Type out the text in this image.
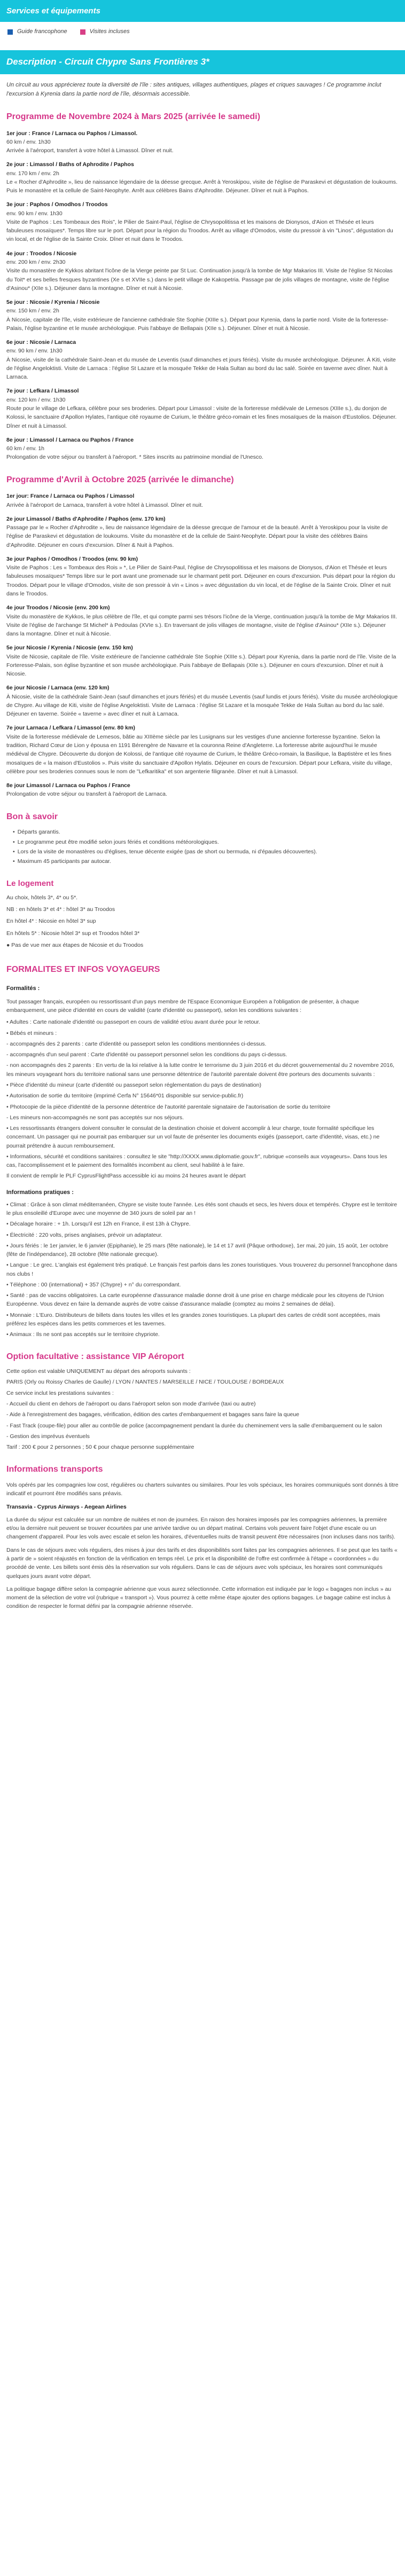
Services et équipements
Guide francophone	Visites incluses
Description - Circuit Chypre Sans Frontières 3*

Un circuit au vous apprécierez toute la diversité de l'île : sites antiques, villages authentiques, plages et criques sauvages ! Ce programme inclut l'excursion à Kyrenia dans la partie nord de l'île, désormais accessible.

Programme de Novembre 2024 à Mars 2025 (arrivée le samedi)
1er jour : France / Larnaca ou Paphos / Limassol.
60 km / env. 1h30
Arrivée à l'aéroport, transfert à votre hôtel à Limassol. Dîner et nuit.
2e jour : Limassol / Baths of Aphrodite / Paphos
env. 170 km / env. 2h
Le « Rocher d'Aphrodite », lieu de naissance légendaire de la déesse grecque. Arrêt à Yeroskipou, visite de l'église de Paraskevi et dégustation de loukoums. Puis le monastère et la cellule de Saint-Neophyte. Arrêt aux célèbres Bains d'Aphrodite. Déjeuner. Dîner et nuit à Paphos.
3e jour : Paphos / Omodhos / Troodos
env. 90 km / env. 1h30
Visite de Paphos : Les Tombeaux des Rois", le Pilier de Saint-Paul, l'église de Chrysopolitissa et les maisons de Dionysos, d'Aion et Thésée et leurs fabuleuses mosaïques*. Temps libre sur le port. Départ pour la région du Troodos. Arrêt au village d'Omodos, visite du pressoir à vin "Linos", dégustation du vin local, et de l'église de la Sainte Croix. Dîner et nuit dans le Troodos.
4e jour : Troodos / Nicosie
env. 200 km / env. 2h30
Visite du monastère de Kykkos abritant l'icône de la Vierge peinte par St Luc. Continuation jusqu'à la tombe de Mgr Makarios III. Visite de l'église St Nicolas du Toit* et ses belles fresques byzantines (Xe s et XVIIe s.) dans le petit village de Kakopetria. Passage par de jolis villages de montagne, visite de l'église d'Asinou* (XIIe s.). Déjeuner dans la montagne. Dîner et nuit à Nicosie.
5e jour : Nicosie / Kyrenia / Nicosie
env. 150 km / env. 2h
À Nicosie, capitale de l'île, visite extérieure de l'ancienne cathédrale Ste Sophie (XIIIe s.). Départ pour Kyrenia, dans la partie nord. Visite de la forteresse-Palais, l'église byzantine et le musée archéologique. Puis l'abbaye de Bellapais (XIIe s.). Déjeuner. Dîner et nuit à Nicosie.
6e jour : Nicosie / Larnaca
env. 90 km / env. 1h30
À Nicosie, visite de la cathédrale Saint-Jean et du musée de Leventis (sauf dimanches et jours fériés). Visite du musée archéologique. Déjeuner. À Kiti, visite de l'église Angeloktisti. Visite de Larnaca : l'église St Lazare et la mosquée Tekke de Hala Sultan au bord du lac salé. Soirée en taverne avec dîner. Nuit à Larnaca.
7e jour : Lefkara / Limassol
env. 120 km / env. 1h30
Route pour le village de Lefkara, célèbre pour ses broderies. Départ pour Limassol : visite de la forteresse médiévale de Lemesos (XIIIe s.), du donjon de Kolossi, le sanctuaire d'Apollon Hylates, l'antique cité royaume de Curium, le théâtre gréco-romain et les fines mosaïques de la maison d'Eustolios. Déjeuner. Dîner et nuit à Limassol.
8e jour : Limassol / Larnaca ou Paphos / France
60 km / env. 1h
Prolongation de votre séjour ou transfert à l'aéroport. * Sites inscrits au patrimoine mondial de l'Unesco.
Programme d'Avril à Octobre 2025 (arrivée le dimanche)
1er jour: France / Larnaca ou Paphos / Limassol
Arrivée à l'aéroport de Larnaca, transfert à votre hôtel à Limassol. Dîner et nuit.
2e jour Limassol / Baths d'Aphrodite / Paphos (env. 170 km)
Passage par le « Rocher d'Aphrodite », lieu de naissance légendaire de la déesse grecque de l'amour et de la beauté. Arrêt à Yeroskipou pour la visite de l'église de Paraskevi et dégustation de loukoums. Visite du monastère et de la cellule de Saint-Neophyte. Départ pour la visite des célèbres Bains d'Aphrodite. Déjeuner en cours d'excursion. Dîner & Nuit à Paphos.
3e jour Paphos / Omodhos / Troodos (env. 90 km)
Visite de Paphos : Les « Tombeaux des Rois » *, Le Pilier de Saint-Paul, l'église de Chrysopolitissa et les maisons de Dionysos, d'Aion et Thésée et leurs fabuleuses mosaïques* Temps libre sur le port avant une promenade sur le charmant petit port. Déjeuner en cours d'excursion. Puis départ pour la région du Troodos. Départ pour le village d'Omodos, visite de son pressoir à vin « Linos » avec dégustation du vin local, et de l'église de la Sainte Croix. Dîner et nuit dans le Troodos.
4e jour Troodos / Nicosie (env. 200 km)
Visite du monastère de Kykkos, le plus célèbre de l'île, et qui compte parmi ses trésors l'icône de la Vierge, continuation jusqu'à la tombe de Mgr Makarios III. Visite de l'église de l'archange St Michel* à Pedoulas (XVIe s.). En traversant de jolis villages de montagne, visite de l'église d'Asinou* (XIIe s.). Déjeuner dans la montagne. Dîner et nuit à Nicosie.
5e jour Nicosie / Kyrenia / Nicosie (env. 150 km)
Visite de Nicosie, capitale de l'île. Visite extérieure de l'ancienne cathédrale Ste Sophie (XIIIe s.). Départ pour Kyrenia, dans la partie nord de l'île. Visite de la Forteresse-Palais, son église byzantine et son musée archéologique. Puis l'abbaye de Bellapais (XIIe s.). Déjeuner en cours d'excursion. Dîner et nuit à Nicosie.
6e jour Nicosie / Larnaca (env. 120 km)
À Nicosie, visite de la cathédrale Saint-Jean (sauf dimanches et jours fériés) et du musée Leventis (sauf lundis et jours fériés). Visite du musée archéologique de Chypre. Au village de Kiti, visite de l'église Angeloktisti. Visite de Larnaca : l'église St Lazare et la mosquée Tekke de Hala Sultan au bord du lac salé. Déjeuner en taverne. Soirée « taverne » avec dîner et nuit à Larnaca.
7e jour Larnaca / Lefkara / Limassol (env. 80 km)
Visite de la forteresse médiévale de Lemesos, bâtie au XIIIème siècle par les Lusignans sur les vestiges d'une ancienne forteresse byzantine. Selon la tradition, Richard Cœur de Lion y épousa en 1191 Bérengère de Navarre et la couronna Reine d'Angleterre. La forteresse abrite aujourd'hui le musée médiéval de Chypre. Découverte du donjon de Kolossi, de l'antique cité royaume de Curium, le théâtre Gréco-romain, la Basilique, la Baptistère et les fines mosaïques de « la maison d'Eustolios ». Puis visite du sanctuaire d'Apollon Hylatis. Déjeuner en cours de l'excursion. Départ pour Lefkara, visite du village, célèbre pour ses broderies connues sous le nom de "Lefkaritika" et son argenterie filigranée. Dîner et nuit à Limassol.
8e jour Limassol / Larnaca ou Paphos / France
Prolongation de votre séjour ou transfert à l'aéroport de Larnaca.
Bon à savoir
• Départs garantis.
• Le programme peut être modifié selon jours fériés et conditions météorologiques.
• Lors de la visite de monastères ou d'églises, tenue décente exigée (pas de short ou bermuda, ni d'épaules découvertes).
• Maximum 45 participants par autocar.
Le logement
Au choix, hôtels 3*, 4* ou 5*.
NB : en hôtels 3* et 4* : hôtel 3* au Troodos
En hôtel 4* : Nicosie en hôtel 3* sup
En hôtels 5* : Nicosie hôtel 3* sup et Troodos hôtel 3*
● Pas de vue mer aux étapes de Nicosie et du Troodos
FORMALITES ET INFOS VOYAGEURS
Formalités :

Tout passager français, européen ou ressortissant d'un pays membre de l'Espace Economique Européen a l'obligation de présenter, à chaque embarquement, une pièce d'identité en cours de validité (carte d'identité ou passeport), selon les conditions suivantes :

• Adultes : Carte nationale d'identité ou passeport en cours de validité et/ou avant durée pour le retour.
• Bébés et mineurs :
- accompagnés des 2 parents : carte d'identité ou passeport selon les conditions mentionnées ci-dessus.
- accompagnés d'un seul parent : Carte d'identité ou passeport personnel selon les conditions du pays ci-dessus.
- non accompagnés des 2 parents : En vertu de la loi relative à la lutte contre le terrorisme du 3 juin 2016 et du décret gouvernemental du 2 novembre 2016, les mineurs voyageant hors du territoire national sans une personne détentrice de l'autorité parentale doivent être porteurs des documents suivants :
• Pièce d'identité du mineur (carte d'identité ou passeport selon réglementation du pays de destination)
• Autorisation de sortie du territoire (imprimé Cerfa N° 15646*01 disponible sur service-public.fr)
• Photocopie de la pièce d'identité de la personne détentrice de l'autorité parentale signataire de l'autorisation de sortie du territoire
- Les mineurs non-accompagnés ne sont pas acceptés sur nos séjours.
• Les ressortissants étrangers doivent consulter le consulat de la destination choisie et doivent accomplir à leur charge, toute formalité spécifique les concernant. Un passager qui ne pourrait pas embarquer sur un vol faute de présenter les documents exigés (passeport, carte d'identité, visas, etc.) ne pourrait prétendre à aucun remboursement.
• Informations, sécurité et conditions sanitaires : consultez le site "http://XXXX.www.diplomatie.gouv.fr", rubrique «conseils aux voyageurs». Dans tous les cas, l'accomplissement et le paiement des formalités incombent au client, seul habilité à le faire.
Il convient de remplir le PLF CyprusFlightPass accessible ici au moins 24 heures avant le départ
Informations pratiques :
• Climat : Grâce à son climat méditerranéen, Chypre se visite toute l'année. Les étés sont chauds et secs, les hivers doux et tempérés. Chypre est le territoire le plus ensoleillé d'Europe avec une moyenne de 340 jours de soleil par an !
• Décalage horaire : + 1h. Lorsqu'il est 12h en France, il est 13h à Chypre.
• Électricité : 220 volts, prises anglaises, prévoir un adaptateur.
• Jours fériés : le 1er janvier, le 6 janvier (Epiphanie), le 25 mars (fête nationale), le 14 et 17 avril (Pâque orthodoxe), 1er mai, 20 juin, 15 août, 1er octobre (fête de l'indépendance), 28 octobre (fête nationale grecque).
• Langue : Le grec. L'anglais est également très pratiqué. Le français l'est parfois dans les zones touristiques. Vous trouverez du personnel francophone dans nos clubs !
• Téléphone : 00 (international) + 357 (Chypre) + n° du correspondant.
• Santé : pas de vaccins obligatoires. La carte européenne d'assurance maladie donne droit à une prise en charge médicale pour les citoyens de l'Union Européenne. Vous devez en faire la demande auprès de votre caisse d'assurance maladie (comptez au moins 2 semaines de délai).
• Monnaie : L'Euro. Distributeurs de billets dans toutes les villes et les grandes zones touristiques. La plupart des cartes de crédit sont acceptées, mais préférez les espèces dans les petits commerces et les tavernes.
• Animaux : Ils ne sont pas acceptés sur le territoire chypriote.
Option facultative : assistance VIP Aéroport
Cette option est valable UNIQUEMENT au départ des aéroports suivants :
PARIS (Orly ou Roissy Charles de Gaulle) / LYON / NANTES / MARSEILLE / NICE / TOULOUSE / BORDEAUX
Ce service inclut les prestations suivantes :
- Accueil du client en dehors de l'aéroport ou dans l'aéroport selon son mode d'arrivée (taxi ou autre)
- Aide à l'enregistrement des bagages, vérification, édition des cartes d'embarquement et bagages sans faire la queue
- Fast Track (coupe-file) pour aller au contrôle de police (accompagnement pendant la durée du cheminement vers la salle d'embarquement ou le salon
- Gestion des imprévus éventuels
Tarif : 200 € pour 2 personnes ; 50 € pour chaque personne supplémentaire
Informations transports

Vols opérés par les compagnies low cost, régulières ou charters suivantes ou similaires. Pour les vols spéciaux, les horaires communiqués sont donnés à titre indicatif et pourront être modifiés sans préavis.

Transavia - Cyprus Airways - Aegean Airlines

La durée du séjour est calculée sur un nombre de nuitées et non de journées. En raison des horaires imposés par les compagnies aériennes, la première et/ou la dernière nuit peuvent se trouver écourtées par une arrivée tardive ou un départ matinal. Certains vols peuvent faire l'objet d'une escale ou un changement d'appareil. Pour les vols avec escale et selon les horaires, d'éventuelles nuits de transit peuvent être nécessaires (non incluses dans nos tarifs).

Dans le cas de séjours avec vols réguliers, des mises à jour des tarifs et des disponibilités sont faites par les compagnies aériennes. Il se peut que les tarifs « à partir de » soient réajustés en fonction de la vérification en temps réel. Le prix et la disponibilité de l'offre est confirmée à l'étape « coordonnées » du procédé de vente. Les billets sont émis dès la réservation sur vols réguliers. Dans le cas de séjours avec vols spéciaux, les horaires sont communiqués quelques jours avant votre départ.

La politique bagage diffère selon la compagnie aérienne que vous aurez sélectionnée. Cette information est indiquée par le logo « bagages non inclus » au moment de la sélection de votre vol (rubrique « transport »). Vous pourrez à cette même étape ajouter des options bagages. Le bagage cabine est inclus à condition de respecter le format défini par la compagnie aérienne réservée.
